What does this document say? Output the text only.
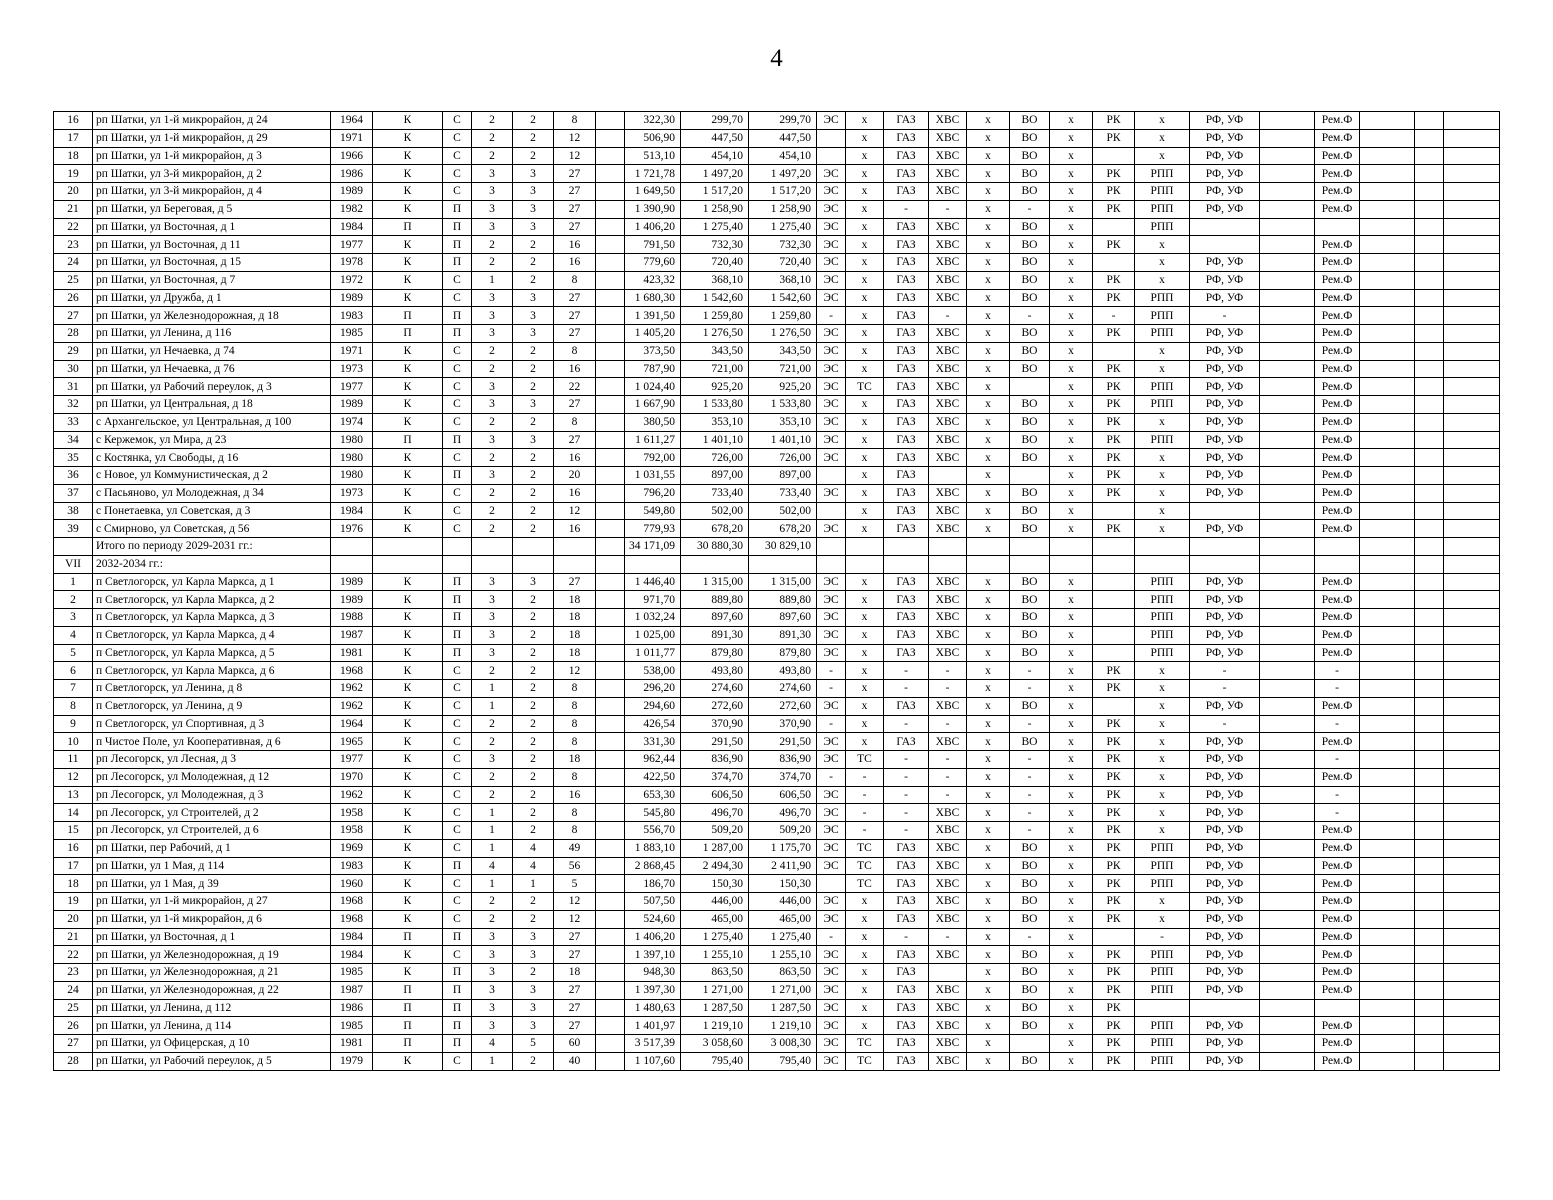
4
16	рп Шатки, ул 1-й микрорайон, д 24	1964	К	С	2	2	8		322,30	299,70	299,70	ЭС	х	ГАЗ	ХВС	х	ВО	х	РК	х	РФ, УФ		Рем.Ф			
17	рп Шатки, ул 1-й микрорайон, д 29	1971	К	С	2	2	12		506,90	447,50	447,50		х	ГАЗ	ХВС	х	ВО	х	РК	х	РФ, УФ		Рем.Ф			
18	рп Шатки, ул 1-й микрорайон, д 3	1966	К	С	2	2	12		513,10	454,10	454,10		х	ГАЗ	ХВС	х	ВО	х		х	РФ, УФ		Рем.Ф			
19	рп Шатки, ул 3-й микрорайон, д 2	1986	К	С	3	3	27		1 721,78	1 497,20	1 497,20	ЭС	х	ГАЗ	ХВС	х	ВО	х	РК	РПП	РФ, УФ		Рем.Ф			
20	рп Шатки, ул 3-й микрорайон, д 4	1989	К	С	3	3	27		1 649,50	1 517,20	1 517,20	ЭС	х	ГАЗ	ХВС	х	ВО	х	РК	РПП	РФ, УФ		Рем.Ф			
21	рп Шатки, ул Береговая, д 5	1982	К	П	3	3	27		1 390,90	1 258,90	1 258,90	ЭС	х	-	-	х	-	х	РК	РПП	РФ, УФ		Рем.Ф			
22	рп Шатки, ул Восточная, д 1	1984	П	П	3	3	27		1 406,20	1 275,40	1 275,40	ЭС	х	ГАЗ	ХВС	х	ВО	х		РПП						
23	рп Шатки, ул Восточная, д 11	1977	К	П	2	2	16		791,50	732,30	732,30	ЭС	х	ГАЗ	ХВС	х	ВО	х	РК	х			Рем.Ф			
24	рп Шатки, ул Восточная, д 15	1978	К	П	2	2	16		779,60	720,40	720,40	ЭС	х	ГАЗ	ХВС	х	ВО	х		х	РФ, УФ		Рем.Ф			
25	рп Шатки, ул Восточная, д 7	1972	К	С	1	2	8		423,32	368,10	368,10	ЭС	х	ГАЗ	ХВС	х	ВО	х	РК	х	РФ, УФ		Рем.Ф			
26	рп Шатки, ул Дружба, д 1	1989	К	С	3	3	27		1 680,30	1 542,60	1 542,60	ЭС	х	ГАЗ	ХВС	х	ВО	х	РК	РПП	РФ, УФ		Рем.Ф			
27	рп Шатки, ул Железнодорожная, д 18	1983	П	П	3	3	27		1 391,50	1 259,80	1 259,80	-	х	ГАЗ	-	х	-	х	-	РПП	-		Рем.Ф			
28	рп Шатки, ул Ленина, д 116	1985	П	П	3	3	27		1 405,20	1 276,50	1 276,50	ЭС	х	ГАЗ	ХВС	х	ВО	х	РК	РПП	РФ, УФ		Рем.Ф			
29	рп Шатки, ул Нечаевка, д 74	1971	К	С	2	2	8		373,50	343,50	343,50	ЭС	х	ГАЗ	ХВС	х	ВО	х		х	РФ, УФ		Рем.Ф			
30	рп Шатки, ул Нечаевка, д 76	1973	К	С	2	2	16		787,90	721,00	721,00	ЭС	х	ГАЗ	ХВС	х	ВО	х	РК	х	РФ, УФ		Рем.Ф			
31	рп Шатки, ул Рабочий переулок, д 3	1977	К	С	3	2	22		1 024,40	925,20	925,20	ЭС	ТС	ГАЗ	ХВС	х		х	РК	РПП	РФ, УФ		Рем.Ф			
32	рп Шатки, ул Центральная, д 18	1989	К	С	3	3	27		1 667,90	1 533,80	1 533,80	ЭС	х	ГАЗ	ХВС	х	ВО	х	РК	РПП	РФ, УФ		Рем.Ф			
33	с Архангельское, ул Центральная, д 100	1974	К	С	2	2	8		380,50	353,10	353,10	ЭС	х	ГАЗ	ХВС	х	ВО	х	РК	х	РФ, УФ		Рем.Ф			
34	с Кержемок, ул Мира, д 23	1980	П	П	3	3	27		1 611,27	1 401,10	1 401,10	ЭС	х	ГАЗ	ХВС	х	ВО	х	РК	РПП	РФ, УФ		Рем.Ф			
35	с Костянка, ул Свободы, д 16	1980	К	С	2	2	16		792,00	726,00	726,00	ЭС	х	ГАЗ	ХВС	х	ВО	х	РК	х	РФ, УФ		Рем.Ф			
36	с Новое, ул Коммунистическая, д 2	1980	К	П	3	2	20		1 031,55	897,00	897,00		х	ГАЗ		х		х	РК	х	РФ, УФ		Рем.Ф			
37	с Пасьяново, ул Молодежная, д 34	1973	К	С	2	2	16		796,20	733,40	733,40	ЭС	х	ГАЗ	ХВС	х	ВО	х	РК	х	РФ, УФ		Рем.Ф			
38	с Понетаевка, ул Советская, д 3	1984	К	С	2	2	12		549,80	502,00	502,00		х	ГАЗ	ХВС	х	ВО	х		х			Рем.Ф			
39	с Смирново, ул Советская, д 56	1976	К	С	2	2	16		779,93	678,20	678,20	ЭС	х	ГАЗ	ХВС	х	ВО	х	РК	х	РФ, УФ		Рем.Ф			
	Итого по периоду 2029-2031 гг.:								34 171,09	30 880,30	30 829,10															
VII	2032-2034 гг.:																									
1	п Светлогорск, ул Карла Маркса, д 1	1989	К	П	3	3	27		1 446,40	1 315,00	1 315,00	ЭС	х	ГАЗ	ХВС	х	ВО	х		РПП	РФ, УФ		Рем.Ф			
2	п Светлогорск, ул Карла Маркса, д 2	1989	К	П	3	2	18		971,70	889,80	889,80	ЭС	х	ГАЗ	ХВС	х	ВО	х		РПП	РФ, УФ		Рем.Ф			
3	п Светлогорск, ул Карла Маркса, д 3	1988	К	П	3	2	18		1 032,24	897,60	897,60	ЭС	х	ГАЗ	ХВС	х	ВО	х		РПП	РФ, УФ		Рем.Ф			
4	п Светлогорск, ул Карла Маркса, д 4	1987	К	П	3	2	18		1 025,00	891,30	891,30	ЭС	х	ГАЗ	ХВС	х	ВО	х		РПП	РФ, УФ		Рем.Ф			
5	п Светлогорск, ул Карла Маркса, д 5	1981	К	П	3	2	18		1 011,77	879,80	879,80	ЭС	х	ГАЗ	ХВС	х	ВО	х		РПП	РФ, УФ		Рем.Ф			
6	п Светлогорск, ул Карла Маркса, д 6	1968	К	С	2	2	12		538,00	493,80	493,80	-	х	-	-	х	-	х	РК	х	-		-			
7	п Светлогорск, ул Ленина, д 8	1962	К	С	1	2	8		296,20	274,60	274,60	-	х	-	-	х	-	х	РК	х	-		-			
8	п Светлогорск, ул Ленина, д 9	1962	К	С	1	2	8		294,60	272,60	272,60	ЭС	х	ГАЗ	ХВС	х	ВО	х		х	РФ, УФ		Рем.Ф			
9	п Светлогорск, ул Спортивная, д 3	1964	К	С	2	2	8		426,54	370,90	370,90	-	х	-	-	х	-	х	РК	х	-		-			
10	п Чистое Поле, ул Кооперативная, д 6	1965	К	С	2	2	8		331,30	291,50	291,50	ЭС	х	ГАЗ	ХВС	х	ВО	х	РК	х	РФ, УФ		Рем.Ф			
11	рп Лесогорск, ул Лесная, д 3	1977	К	С	3	2	18		962,44	836,90	836,90	ЭС	ТС	-	-	х	-	х	РК	х	РФ, УФ		-			
12	рп Лесогорск, ул Молодежная, д 12	1970	К	С	2	2	8		422,50	374,70	374,70	-	-	-	-	х	-	х	РК	х	РФ, УФ		Рем.Ф			
13	рп Лесогорск, ул Молодежная, д 3	1962	К	С	2	2	16		653,30	606,50	606,50	ЭС	-	-	-	х	-	х	РК	х	РФ, УФ		-			
14	рп Лесогорск, ул Строителей, д 2	1958	К	С	1	2	8		545,80	496,70	496,70	ЭС	-	-	ХВС	х	-	х	РК	х	РФ, УФ		-			
15	рп Лесогорск, ул Строителей, д 6	1958	К	С	1	2	8		556,70	509,20	509,20	ЭС	-	-	ХВС	х	-	х	РК	х	РФ, УФ		Рем.Ф			
16	рп Шатки, пер Рабочий, д 1	1969	К	С	1	4	49		1 883,10	1 287,00	1 175,70	ЭС	ТС	ГАЗ	ХВС	х	ВО	х	РК	РПП	РФ, УФ		Рем.Ф			
17	рп Шатки, ул 1 Мая, д 114	1983	К	П	4	4	56		2 868,45	2 494,30	2 411,90	ЭС	ТС	ГАЗ	ХВС	х	ВО	х	РК	РПП	РФ, УФ		Рем.Ф			
18	рп Шатки, ул 1 Мая, д 39	1960	К	С	1	1	5		186,70	150,30	150,30		ТС	ГАЗ	ХВС	х	ВО	х	РК	РПП	РФ, УФ		Рем.Ф			
19	рп Шатки, ул 1-й микрорайон, д 27	1968	К	С	2	2	12		507,50	446,00	446,00	ЭС	х	ГАЗ	ХВС	х	ВО	х	РК	х	РФ, УФ		Рем.Ф			
20	рп Шатки, ул 1-й микрорайон, д 6	1968	К	С	2	2	12		524,60	465,00	465,00	ЭС	х	ГАЗ	ХВС	х	ВО	х	РК	х	РФ, УФ		Рем.Ф			
21	рп Шатки, ул Восточная, д 1	1984	П	П	3	3	27		1 406,20	1 275,40	1 275,40	-	х	-	-	х	-	х		-	РФ, УФ		Рем.Ф			
22	рп Шатки, ул Железнодорожная, д 19	1984	К	С	3	3	27		1 397,10	1 255,10	1 255,10	ЭС	х	ГАЗ	ХВС	х	ВО	х	РК	РПП	РФ, УФ		Рем.Ф			
23	рп Шатки, ул Железнодорожная, д 21	1985	К	П	3	2	18		948,30	863,50	863,50	ЭС	х	ГАЗ		х	ВО	х	РК	РПП	РФ, УФ		Рем.Ф			
24	рп Шатки, ул Железнодорожная, д 22	1987	П	П	3	3	27		1 397,30	1 271,00	1 271,00	ЭС	х	ГАЗ	ХВС	х	ВО	х	РК	РПП	РФ, УФ		Рем.Ф			
25	рп Шатки, ул Ленина, д 112	1986	П	П	3	3	27		1 480,63	1 287,50	1 287,50	ЭС	х	ГАЗ	ХВС	х	ВО	х	РК							
26	рп Шатки, ул Ленина, д 114	1985	П	П	3	3	27		1 401,97	1 219,10	1 219,10	ЭС	х	ГАЗ	ХВС	х	ВО	х	РК	РПП	РФ, УФ		Рем.Ф			
27	рп Шатки, ул Офицерская, д 10	1981	П	П	4	5	60		3 517,39	3 058,60	3 008,30	ЭС	ТС	ГАЗ	ХВС	х		х	РК	РПП	РФ, УФ		Рем.Ф			
28	рп Шатки, ул Рабочий переулок, д 5	1979	К	С	1	2	40		1 107,60	795,40	795,40	ЭС	ТС	ГАЗ	ХВС	х	ВО	х	РК	РПП	РФ, УФ		Рем.Ф			
